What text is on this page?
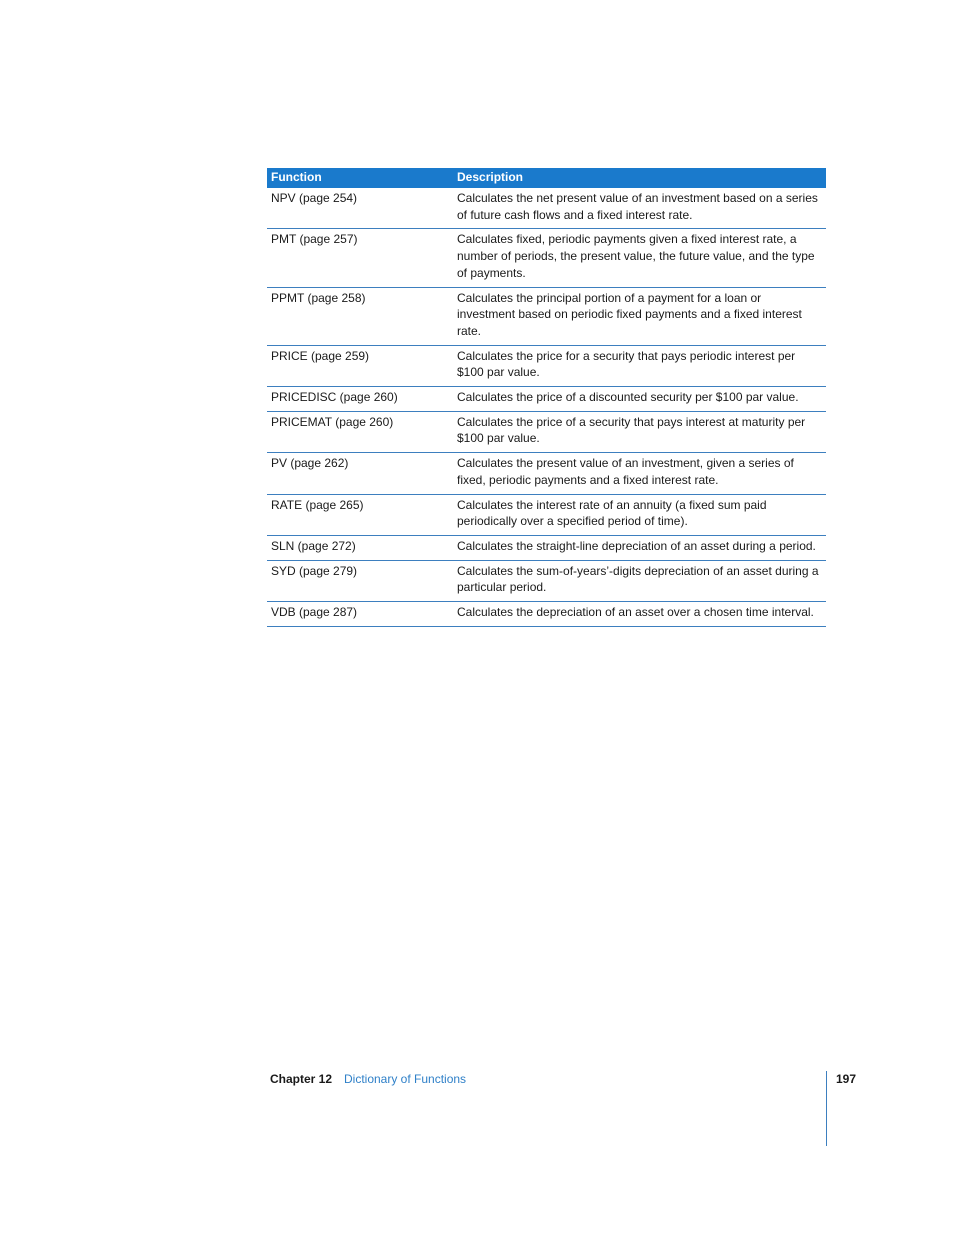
Function	Description
NPV (page 254)	Calculates the net present value of an investment based on a series of future cash flows and a fixed interest rate.
PMT (page 257)	Calculates fixed, periodic payments given a fixed interest rate, a number of periods, the present value, the future value, and the type of payments.
PPMT (page 258)	Calculates the principal portion of a payment for a loan or investment based on periodic fixed payments and a fixed interest rate.
PRICE (page 259)	Calculates the price for a security that pays periodic interest per $100 par value.
PRICEDISC (page 260)	Calculates the price of a discounted security per $100 par value.
PRICEMAT (page 260)	Calculates the price of a security that pays interest at maturity per $100 par value.
PV (page 262)	Calculates the present value of an investment, given a series of fixed, periodic payments and a fixed interest rate.
RATE (page 265)	Calculates the interest rate of an annuity (a fixed sum paid periodically over a specified period of time).
SLN (page 272)	Calculates the straight-line depreciation of an asset during a period.
SYD (page 279)	Calculates the sum-of-years’-digits depreciation of an asset during a particular period.
VDB (page 287)	Calculates the depreciation of an asset over a chosen time interval.
Chapter 12 Dictionary of Functions	197
